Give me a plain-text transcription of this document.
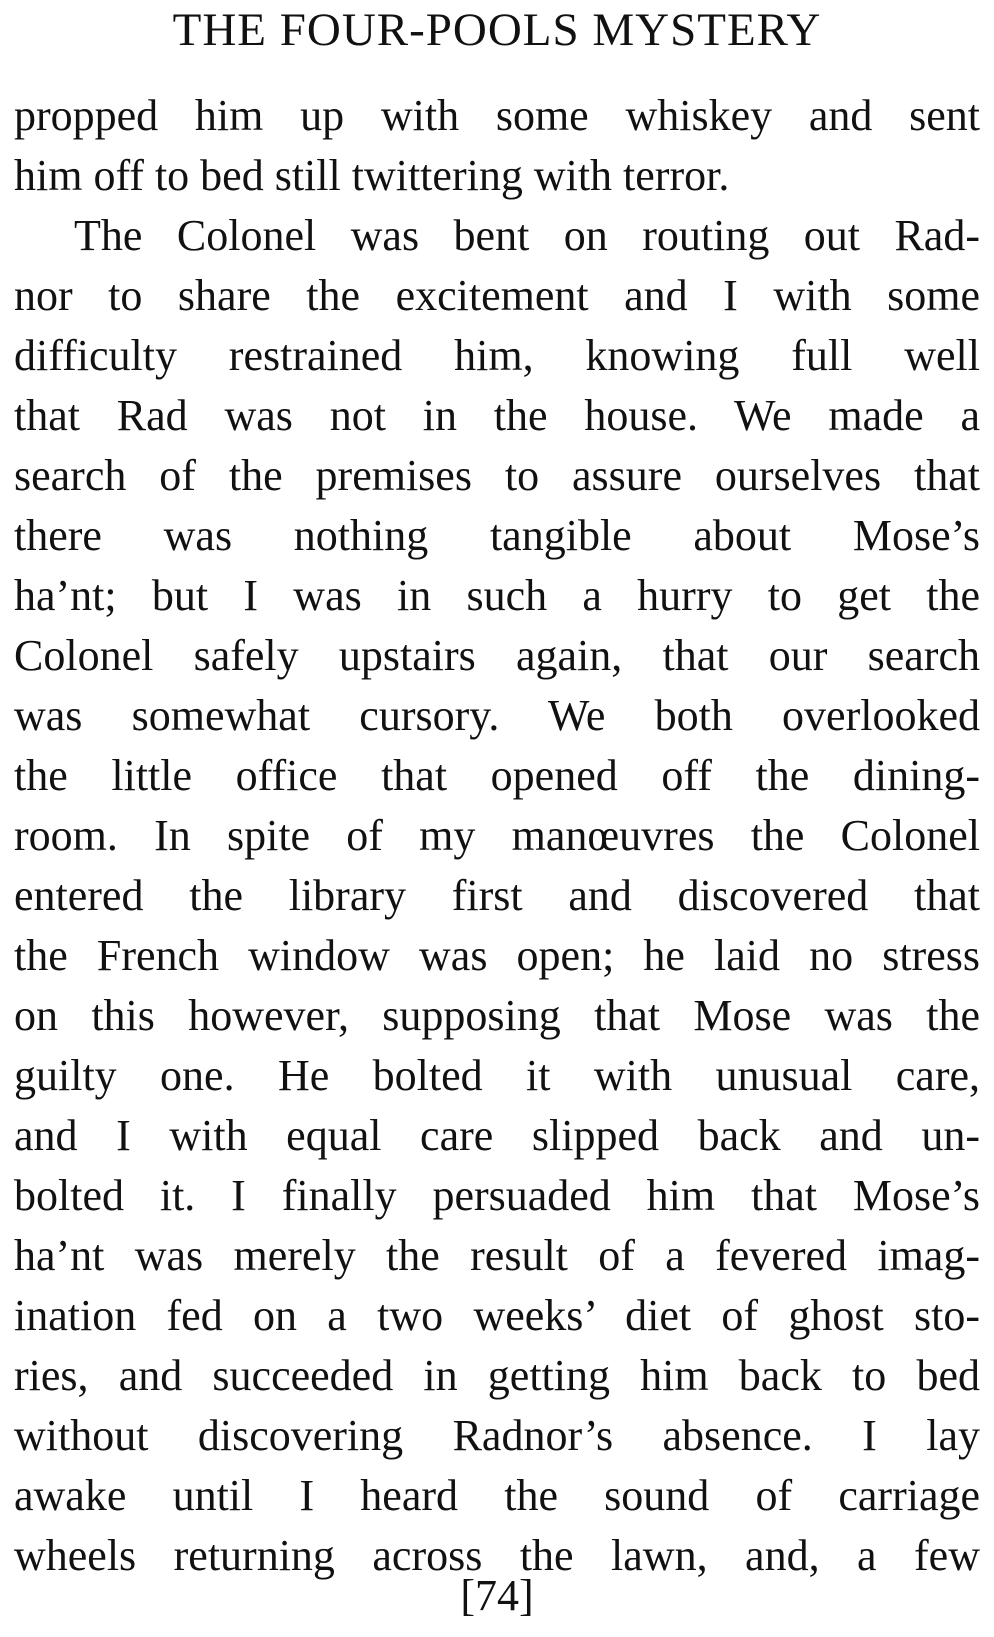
THE FOUR-POOLS MYSTERY
propped him up with some whiskey and sent
him off to bed still twittering with terror.
The Colonel was bent on routing out Rad-
nor to share the excitement and I with some
difficulty restrained him, knowing full well
that Rad was not in the house. We made a
search of the premises to assure ourselves that
there was nothing tangible about Mose’s
ha’nt; but I was in such a hurry to get the
Colonel safely upstairs again, that our search
was somewhat cursory. We both overlooked
the little office that opened off the dining-
room. In spite of my manœuvres the Colonel
entered the library first and discovered that
the French window was open; he laid no stress
on this however, supposing that Mose was the
guilty one. He bolted it with unusual care,
and I with equal care slipped back and un-
bolted it. I finally persuaded him that Mose’s
ha’nt was merely the result of a fevered imag-
ination fed on a two weeks’ diet of ghost sto-
ries, and succeeded in getting him back to bed
without discovering Radnor’s absence. I lay
awake until I heard the sound of carriage
wheels returning across the lawn, and, a few
[74]
